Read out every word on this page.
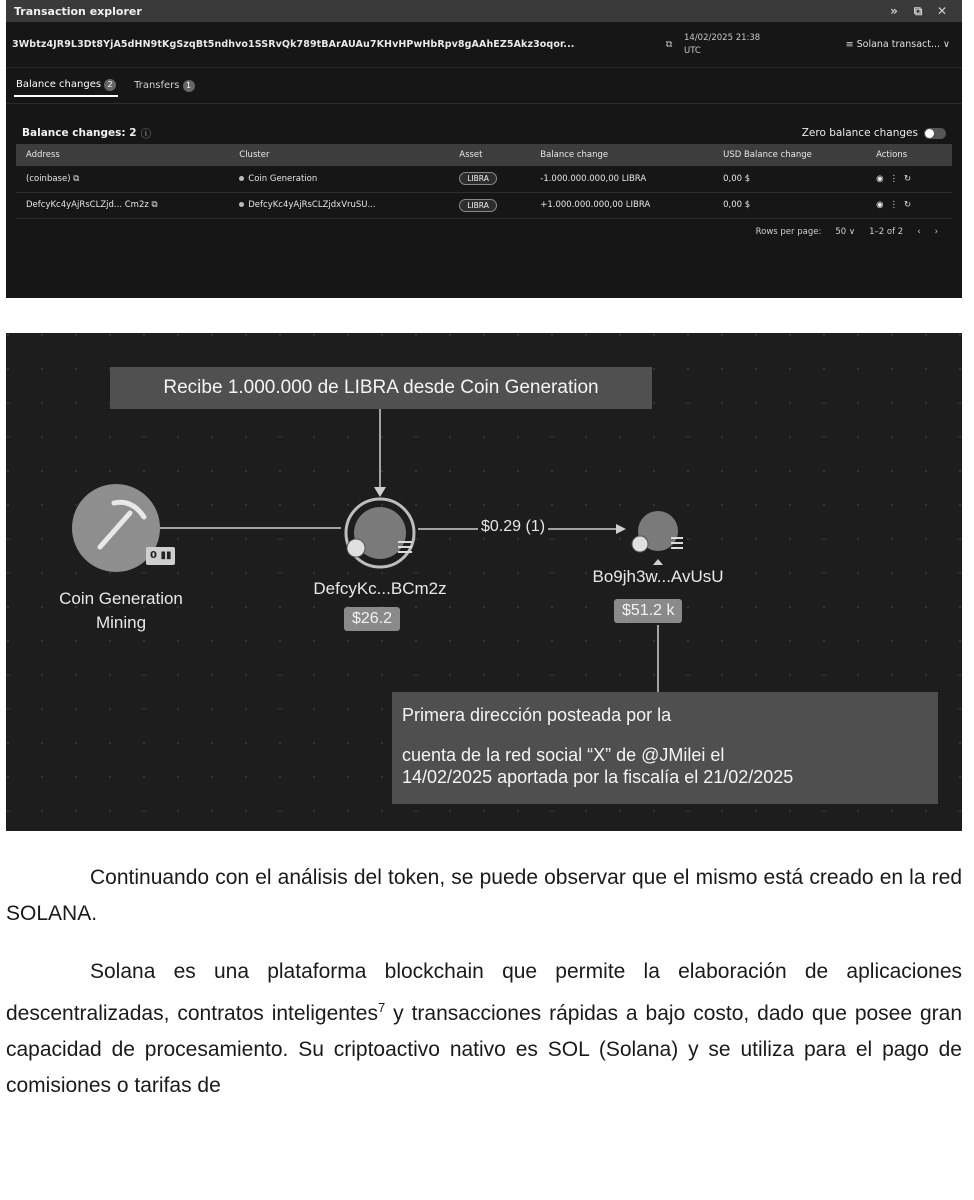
Transaction explorer	»	⧉	✕
3Wbtz4JR9L3Dt8YjA5dHN9tKgSzqBt5ndhvo1SSRvQk789tBArAUAu7KHvHPwHbRpv8gAAhEZ5Akz3oqor...	⧉
14/02/2025 21:38
UTC
≡ Solana transact... ∨
Balance changes 2	Transfers 1
Balance changes: 2 ⓘ	Zero balance changes
Address	Cluster	Asset	Balance change	USD Balance change	Actions
(coinbase) ⧉	Coin Generation	LIBRA	-1.000.000.000,00 LIBRA	0,00 $	◉⋮↻
DefcyKc4yAjRsCLZjd... Cm2z ⧉	DefcyKc4yAjRsCLZjdxVruSU...	LIBRA	+1.000.000.000,00 LIBRA	0,00 $	◉⋮↻
Rows per page: 50 ∨ 1–2 of 2 ‹ ›
Recibe 1.000.000 de LIBRA desde Coin Generation
0 ▮▮
Coin Generation
Mining
DefcyKc...BCm2z
$26.2
$0.29 (1)
Bo9jh3w...AvUsU
$51.2 k
Primera dirección posteada por la
cuenta de la red social “X” de @JMilei el
14/02/2025 aportada por la fiscalía el 21/02/2025

Continuando con el análisis del token, se puede observar que el mismo está creado en la red SOLANA.

Solana es una plataforma blockchain que permite la elaboración de aplicaciones descentralizadas, contratos inteligentes$^7$ y transacciones rápidas a bajo costo, dado que posee gran capacidad de procesamiento. Su criptoactivo nativo es SOL (Solana) y se utiliza para el pago de comisiones o tarifas de
